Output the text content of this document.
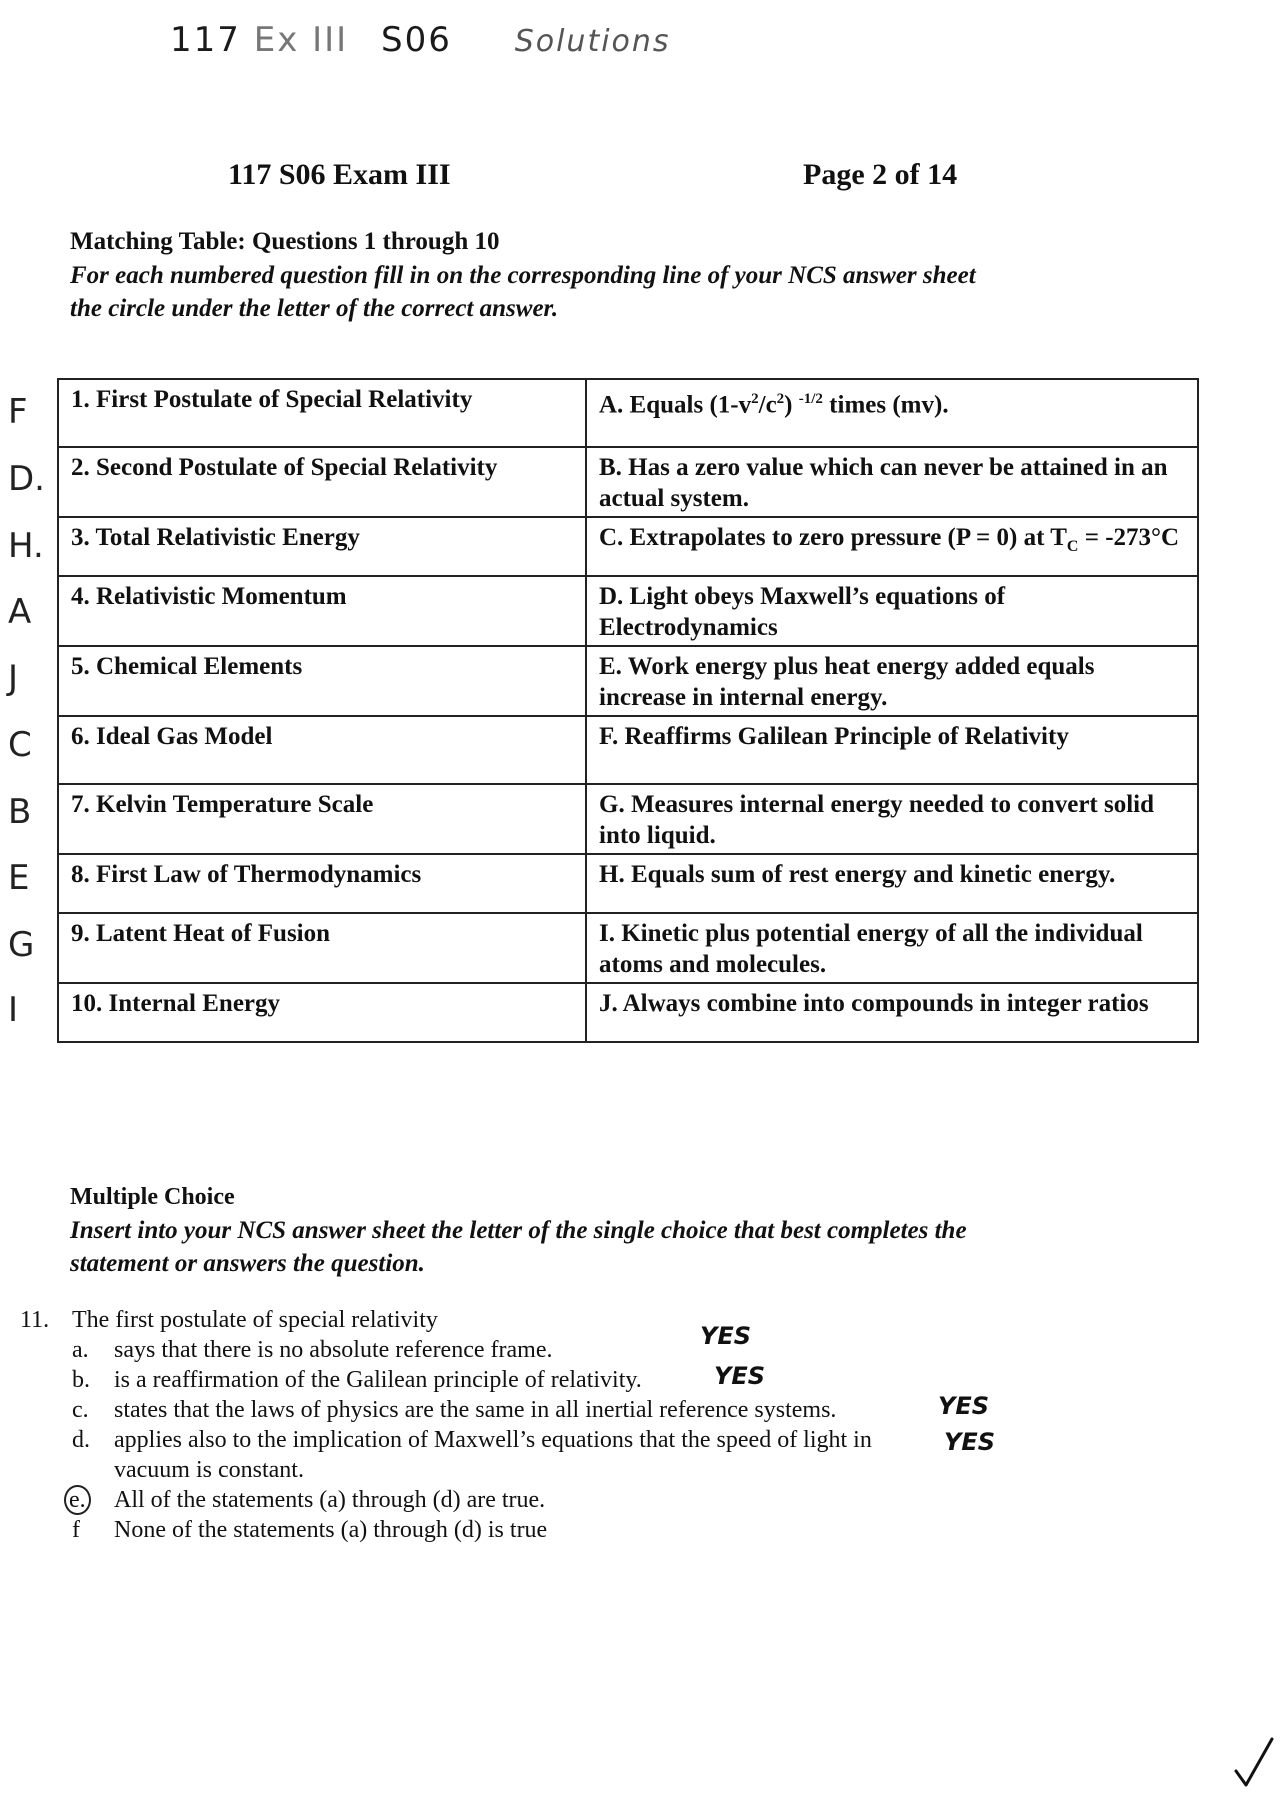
117 Ex III S06 Solutions
117 S06 Exam III	Page 2 of 14
Matching Table: Questions 1 through 10
For each numbered question fill in on the corresponding line of your NCS answer sheet
the circle under the letter of the correct answer.
F
D.
H.
A
J
C
B
E
G
I
1. First Postulate of Special Relativity	A. Equals $(1-v^2/c^2)$ $^{-1/2}$ times (mv).
2. Second Postulate of Special Relativity	B. Has a zero value which can never be attained in an actual system.
3. Total Relativistic Energy	C. Extrapolates to zero pressure (P = 0) at $T_C = -273^\circ C$
4. Relativistic Momentum	D. Light obeys Maxwell’s equations of Electrodynamics
5. Chemical Elements	E. Work energy plus heat energy added equals increase in internal energy.
6. Ideal Gas Model	F. Reaffirms Galilean Principle of Relativity
7. Kelvin Temperature Scale	G. Measures internal energy needed to convert solid into liquid.
8. First Law of Thermodynamics	H. Equals sum of rest energy and kinetic energy.
9. Latent Heat of Fusion	I. Kinetic plus potential energy of all the individual atoms and molecules.
10. Internal Energy	J. Always combine into compounds in integer ratios
Multiple Choice
Insert into your NCS answer sheet the letter of the single choice that best completes the
statement or answers the question.
11. The first postulate of special relativity
a.	says that there is no absolute reference frame.	YES
b.	is a reaffirmation of the Galilean principle of relativity.	YES
c.	states that the laws of physics are the same in all inertial reference systems.	YES
d.	applies also to the implication of Maxwell’s equations that the speed of light in vacuum is constant.
YES
e.	All of the statements (a) through (d) are true.
f	None of the statements (a) through (d) is true
